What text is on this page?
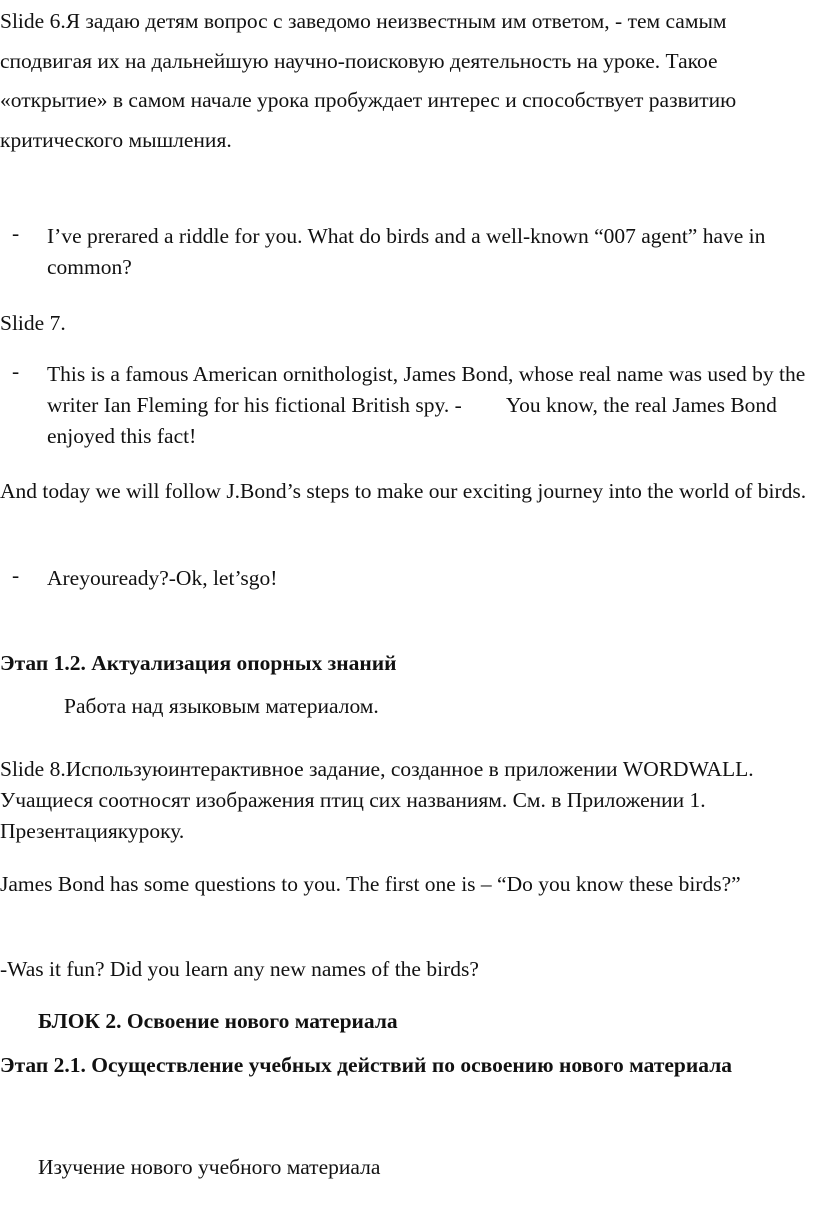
Slide 6.Я задаю детям вопрос с заведомо неизвестным им ответом, - тем самым сподвигая их на дальнейшую научно-поисковую деятельность на уроке. Такое «открытие» в самом начале урока пробуждает интерес и способствует развитию критического мышления.

- I’ve prerared a riddle for you. What do birds and a well-known “007 agent” have in common?

Slide 7.

- This is a famous American ornithologist, James Bond, whose real name was used by the writer Ian Fleming for his fictional British spy. - You know, the real James Bond enjoyed this fact!

And today we will follow J.Bond’s steps to make our exciting journey into the world of birds.

- Areyouready?-Ok, let’sgo!

Этап 1.2. Актуализация опорных знаний

Работа над языковым материалом.

Slide 8.Используюинтерактивное задание, созданное в приложении WORDWALL. Учащиеся соотносят изображения птиц сих названиям. См. в Приложении 1. Презентациякуроку.

James Bond has some questions to you. The first one is – “Do you know these birds?”

-Was it fun? Did you learn any new names of the birds?

БЛОК 2. Освоение нового материала

Этап 2.1. Осуществление учебных действий по освоению нового материала

Изучение нового учебного материала
